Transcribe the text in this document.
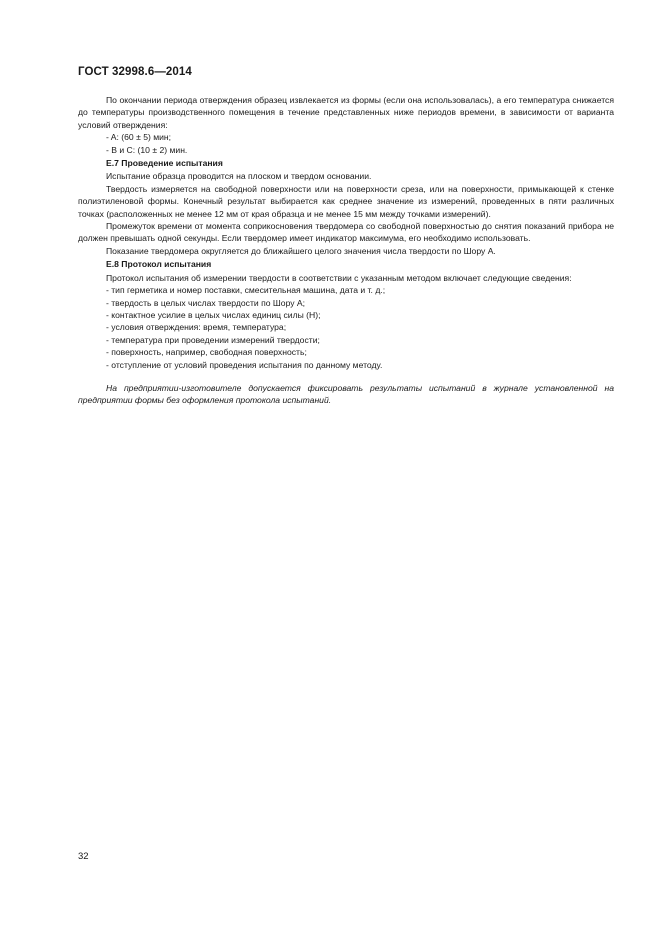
ГОСТ 32998.6—2014

По окончании периода отверждения образец извлекается из формы (если она использовалась), а его температура снижается до температуры производственного помещения в течение представленных ниже периодов времени, в зависимости от варианта условий отверждения:

- A: (60 ± 5) мин;

- B и C: (10 ± 2) мин.

Е.7 Проведение испытания

Испытание образца проводится на плоском и твердом основании.

Твердость измеряется на свободной поверхности или на поверхности среза, или на поверхности, примыкающей к стенке полиэтиленовой формы. Конечный результат выбирается как среднее значение из измерений, проведенных в пяти различных точках (расположенных не менее 12 мм от края образца и не менее 15 мм между точками измерений).

Промежуток времени от момента соприкосновения твердомера со свободной поверхностью до снятия показаний прибора не должен превышать одной секунды. Если твердомер имеет индикатор максимума, его необходимо использовать.

Показание твердомера округляется до ближайшего целого значения числа твердости по Шору А.

Е.8 Протокол испытания

Протокол испытания об измерении твердости в соответствии с указанным методом включает следующие сведения:

- тип герметика и номер поставки, смесительная машина, дата и т. д.;

- твердость в целых числах твердости по Шору А;

- контактное усилие в целых числах единиц силы (Н);

- условия отверждения: время, температура;

- температура при проведении измерений твердости;

- поверхность, например, свободная поверхность;

- отступление от условий проведения испытания по данному методу.

На предприятии-изготовителе допускается фиксировать результаты испытаний в журнале установленной на предприятии формы без оформления протокола испытаний.

32
